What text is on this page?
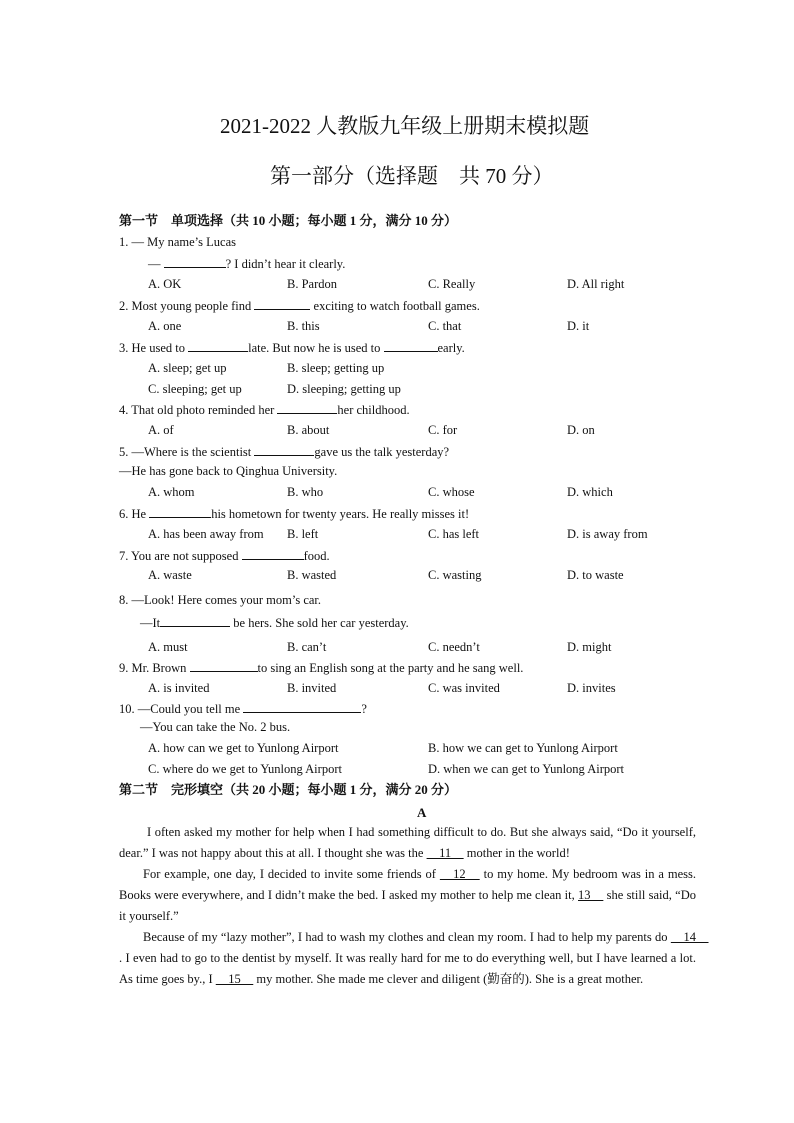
2021-2022 人教版九年级上册期末模拟题
第一部分（选择题　共 70 分）
第一节　单项选择（共 10 小题；每小题 1 分，满分 10 分）
1. — My name’s Lucas
—	? I didn’t hear it clearly.
A. OK	B. Pardon	C. Really	D. All right
2. Most young people find	exciting to watch football games.
A. one	B. this	C. that	D. it
3. He used to	late. But now he is used to	early.
A. sleep; get up	B. sleep; getting up
C. sleeping; get up	D. sleeping; getting up
4. That old photo reminded her	her childhood.
A. of	B. about	C. for	D. on
5. —Where is the scientist	gave us the talk yesterday?
—He has gone back to Qinghua University.
A. whom	B. who	C. whose	D. which
6. He	his hometown for twenty years. He really misses it!
A. has been away from B. left	C. has left	D. is away from
7. You are not supposed	food.
A. waste	B. wasted	C. wasting	D. to waste
8. —Look! Here comes your mom’s car.
—It	be hers. She sold her car yesterday.
A. must	B. can’t	C. needn’t	D. might
9. Mr. Brown	to sing an English song at the party and he sang well.
A. is invited	B. invited	C. was invited	D. invites
10. —Could you tell me	?
—You can take the No. 2 bus.
A. how can we get to Yunlong Airport	B. how we can get to Yunlong Airport
C. where do we get to Yunlong Airport	D. when we can get to Yunlong Airport
第二节　完形填空（共 20 小题；每小题 1 分，满分 20 分）
A
I often asked my mother for help when I had something difficult to do. But she always said, “Do it yourself, dear.” I was not happy about this at all. I thought she was the 　11　 mother in the world!
For example, one day, I decided to invite some friends of 　12　 to my home. My bedroom was in a mess. Books were everywhere, and I didn’t make the bed. I asked my mother to help me clean it, 13　 she still said, “Do it yourself.”
Because of my “lazy mother”, I had to wash my clothes and clean my room. I had to help my parents do 　14　. I even had to go to the dentist by myself. It was really hard for me to do everything well, but I have learned a lot. As time goes by., I 　15　 my mother. She made me clever and diligent (勤奋的). She is a great mother.
